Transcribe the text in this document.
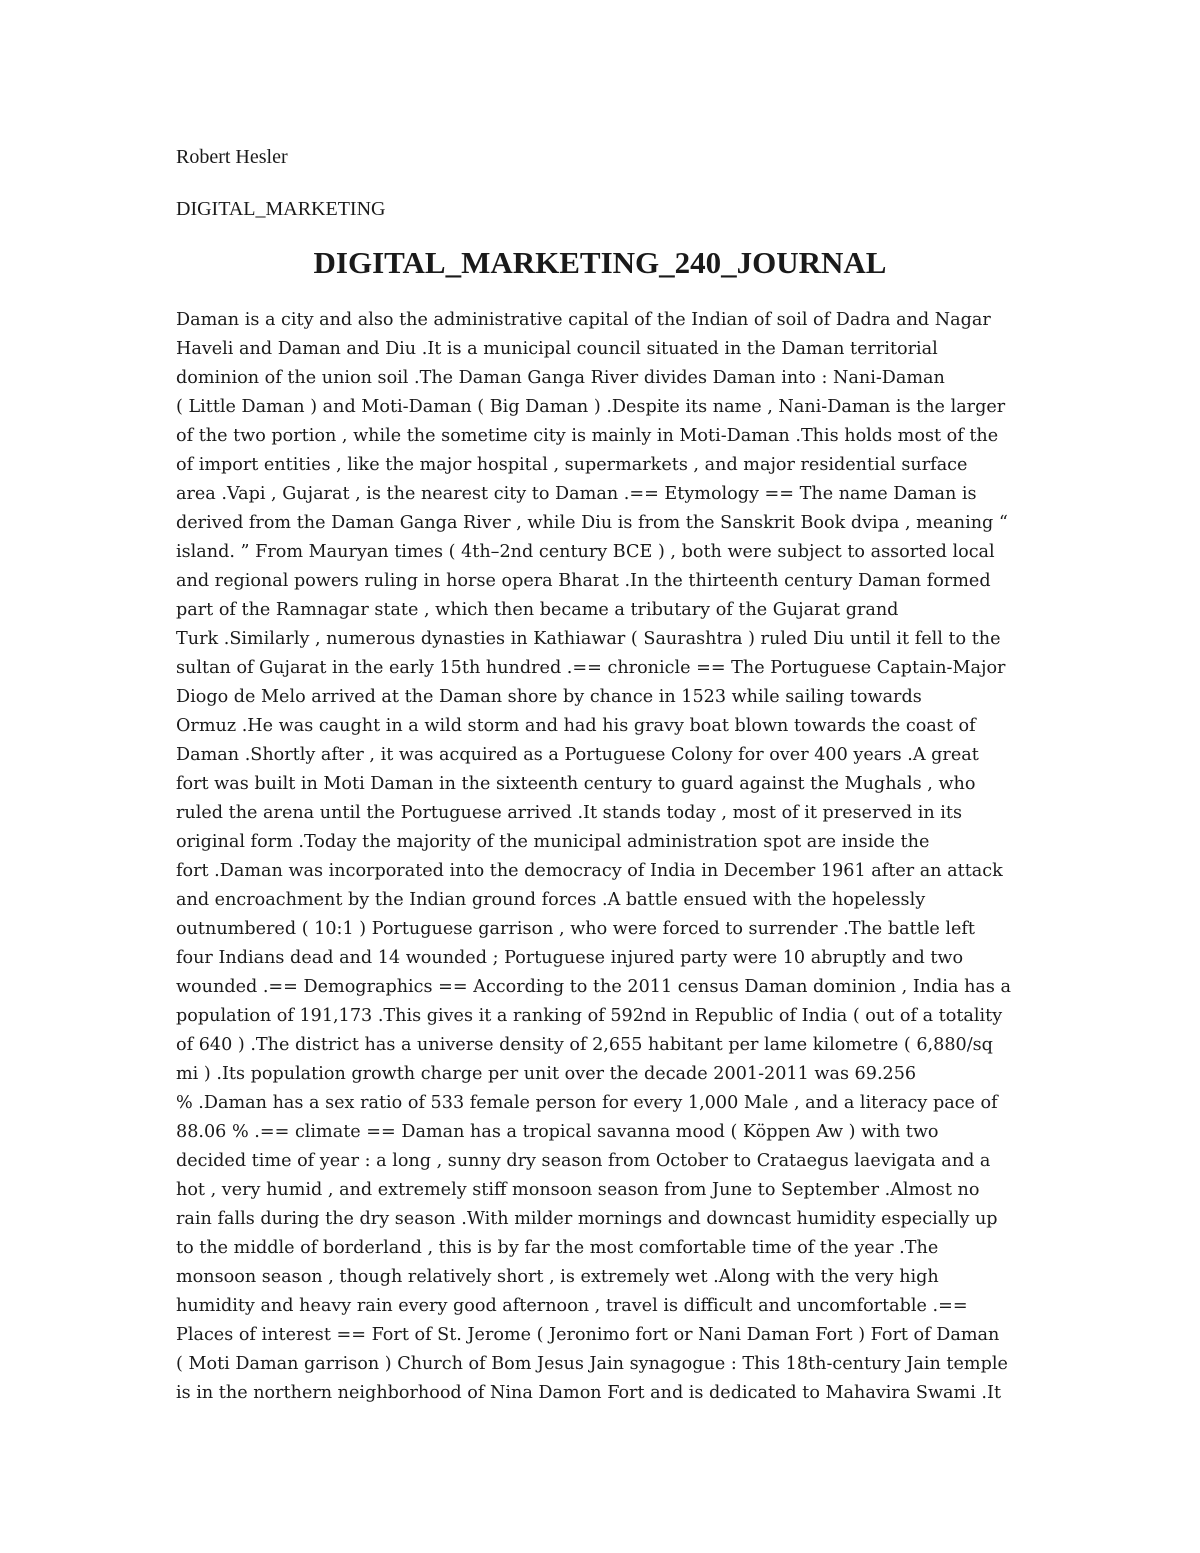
Robert Hesler
DIGITAL_MARKETING
DIGITAL_MARKETING_240_JOURNAL
Daman is a city and also the administrative capital of the Indian of soil of Dadra and Nagar
Haveli and Daman and Diu .It is a municipal council situated in the Daman territorial
dominion of the union soil .The Daman Ganga River divides Daman into : Nani-Daman
( Little Daman ) and Moti-Daman ( Big Daman ) .Despite its name , Nani-Daman is the larger
of the two portion , while the sometime city is mainly in Moti-Daman .This holds most of the
of import entities , like the major hospital , supermarkets , and major residential surface
area .Vapi , Gujarat , is the nearest city to Daman .== Etymology == The name Daman is
derived from the Daman Ganga River , while Diu is from the Sanskrit Book dvipa , meaning “
island. ” From Mauryan times ( 4th–2nd century BCE ) , both were subject to assorted local
and regional powers ruling in horse opera Bharat .In the thirteenth century Daman formed
part of the Ramnagar state , which then became a tributary of the Gujarat grand
Turk .Similarly , numerous dynasties in Kathiawar ( Saurashtra ) ruled Diu until it fell to the
sultan of Gujarat in the early 15th hundred .== chronicle == The Portuguese Captain-Major
Diogo de Melo arrived at the Daman shore by chance in 1523 while sailing towards
Ormuz .He was caught in a wild storm and had his gravy boat blown towards the coast of
Daman .Shortly after , it was acquired as a Portuguese Colony for over 400 years .A great
fort was built in Moti Daman in the sixteenth century to guard against the Mughals , who
ruled the arena until the Portuguese arrived .It stands today , most of it preserved in its
original form .Today the majority of the municipal administration spot are inside the
fort .Daman was incorporated into the democracy of India in December 1961 after an attack
and encroachment by the Indian ground forces .A battle ensued with the hopelessly
outnumbered ( 10:1 ) Portuguese garrison , who were forced to surrender .The battle left
four Indians dead and 14 wounded ; Portuguese injured party were 10 abruptly and two
wounded .== Demographics == According to the 2011 census Daman dominion , India has a
population of 191,173 .This gives it a ranking of 592nd in Republic of India ( out of a totality
of 640 ) .The district has a universe density of 2,655 habitant per lame kilometre ( 6,880/sq
mi ) .Its population growth charge per unit over the decade 2001-2011 was 69.256
% .Daman has a sex ratio of 533 female person for every 1,000 Male , and a literacy pace of
88.06 % .== climate == Daman has a tropical savanna mood ( Köppen Aw ) with two
decided time of year : a long , sunny dry season from October to Crataegus laevigata and a
hot , very humid , and extremely stiff monsoon season from June to September .Almost no
rain falls during the dry season .With milder mornings and downcast humidity especially up
to the middle of borderland , this is by far the most comfortable time of the year .The
monsoon season , though relatively short , is extremely wet .Along with the very high
humidity and heavy rain every good afternoon , travel is difficult and uncomfortable .==
Places of interest == Fort of St. Jerome ( Jeronimo fort or Nani Daman Fort ) Fort of Daman
( Moti Daman garrison ) Church of Bom Jesus Jain synagogue : This 18th-century Jain temple
is in the northern neighborhood of Nina Damon Fort and is dedicated to Mahavira Swami .It
